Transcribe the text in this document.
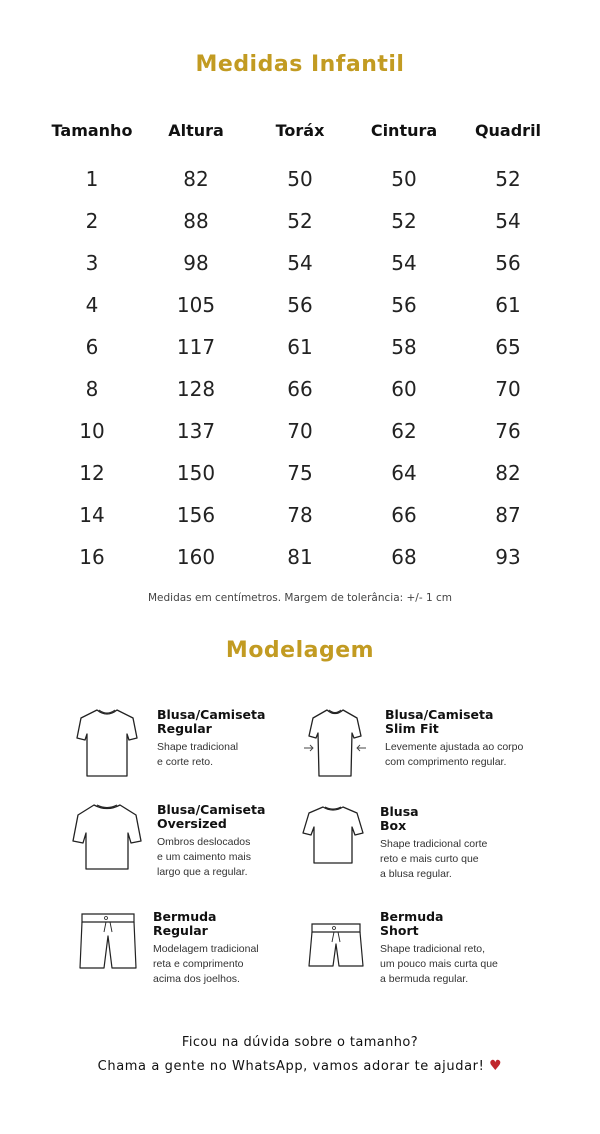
Medidas Infantil
Tamanho	Altura	Toráx	Cintura	Quadril

1	82	50	50	52
2	88	52	52	54
3	98	54	54	56
4	105	56	56	61
6	117	61	58	65
8	128	66	60	70
10	137	70	62	76
12	150	75	64	82
14	156	78	66	87
16	160	81	68	93
Medidas em centímetros. Margem de tolerância: +/- 1 cm
Modelagem
Blusa/Camiseta
Regular
Shape tradicional
e corte reto.
Blusa/Camiseta
Slim Fit
Levemente ajustada ao corpo
com comprimento regular.
Blusa/Camiseta
Oversized
Ombros deslocados
e um caimento mais
largo que a regular.
Blusa
Box
Shape tradicional corte
reto e mais curto que
a blusa regular.
Bermuda
Regular
Modelagem tradicional
reta e comprimento
acima dos joelhos.
Bermuda
Short
Shape tradicional reto,
um pouco mais curta que
a bermuda regular.
Ficou na dúvida sobre o tamanho?
Chama a gente no WhatsApp, vamos adorar te ajudar! ♥
